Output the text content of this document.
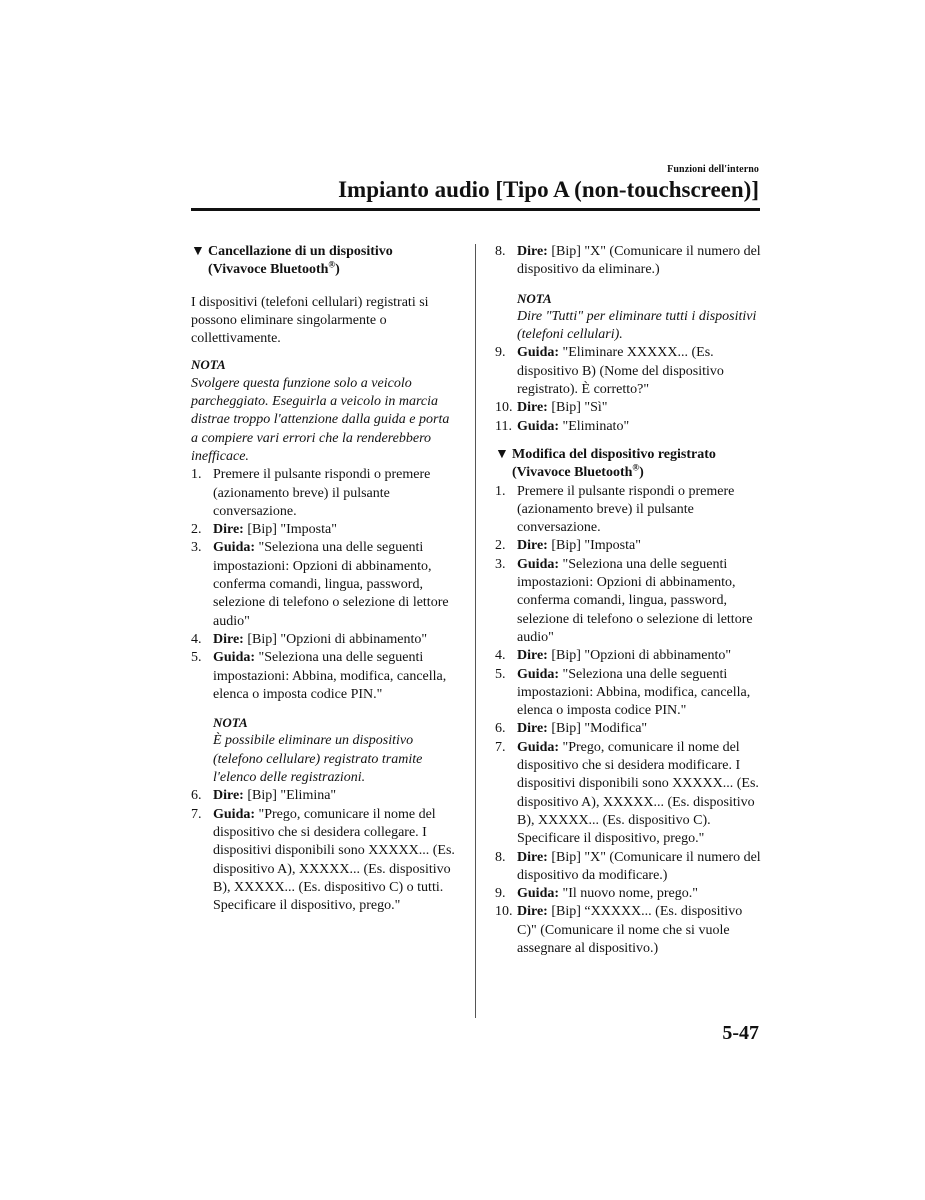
Funzioni dell'interno
Impianto audio [Tipo A (non-touchscreen)]
▼ Cancellazione di un dispositivo
(Vivavoce Bluetooth®)

I dispositivi (telefoni cellulari) registrati si possono eliminare singolarmente o collettivamente.

NOTA
Svolgere questa funzione solo a veicolo parcheggiato. Eseguirla a veicolo in marcia distrae troppo l'attenzione dalla guida e porta a compiere vari errori che la renderebbero inefficace.
1. Premere il pulsante rispondi o premere (azionamento breve) il pulsante conversazione.
2. Dire: [Bip] "Imposta"
3. Guida: "Seleziona una delle seguenti impostazioni: Opzioni di abbinamento, conferma comandi, lingua, password, selezione di telefono o selezione di lettore audio"
4. Dire: [Bip] "Opzioni di abbinamento"
5. Guida: "Seleziona una delle seguenti impostazioni: Abbina, modifica, cancella, elenca o imposta codice PIN."
NOTA
È possibile eliminare un dispositivo (telefono cellulare) registrato tramite l'elenco delle registrazioni.
6. Dire: [Bip] "Elimina"
7. Guida: "Prego, comunicare il nome del dispositivo che si desidera collegare. I dispositivi disponibili sono XXXXX... (Es. dispositivo A), XXXXX... (Es. dispositivo B), XXXXX... (Es. dispositivo C) o tutti. Specificare il dispositivo, prego."
8. Dire: [Bip] "X" (Comunicare il numero del dispositivo da eliminare.)
NOTA
Dire "Tutti" per eliminare tutti i dispositivi (telefoni cellulari).
9. Guida: "Eliminare XXXXX... (Es. dispositivo B) (Nome del dispositivo registrato). È corretto?"
10. Dire: [Bip] "Sì"
11. Guida: "Eliminato"
▼ Modifica del dispositivo registrato
(Vivavoce Bluetooth®)
1. Premere il pulsante rispondi o premere (azionamento breve) il pulsante conversazione.
2. Dire: [Bip] "Imposta"
3. Guida: "Seleziona una delle seguenti impostazioni: Opzioni di abbinamento, conferma comandi, lingua, password, selezione di telefono o selezione di lettore audio"
4. Dire: [Bip] "Opzioni di abbinamento"
5. Guida: "Seleziona una delle seguenti impostazioni: Abbina, modifica, cancella, elenca o imposta codice PIN."
6. Dire: [Bip] "Modifica"
7. Guida: "Prego, comunicare il nome del dispositivo che si desidera modificare. I dispositivi disponibili sono XXXXX... (Es. dispositivo A), XXXXX... (Es. dispositivo B), XXXXX... (Es. dispositivo C). Specificare il dispositivo, prego."
8. Dire: [Bip] "X" (Comunicare il numero del dispositivo da modificare.)
9. Guida: "Il nuovo nome, prego."
10. Dire: [Bip] “XXXXX... (Es. dispositivo C)" (Comunicare il nome che si vuole assegnare al dispositivo.)
5-47
